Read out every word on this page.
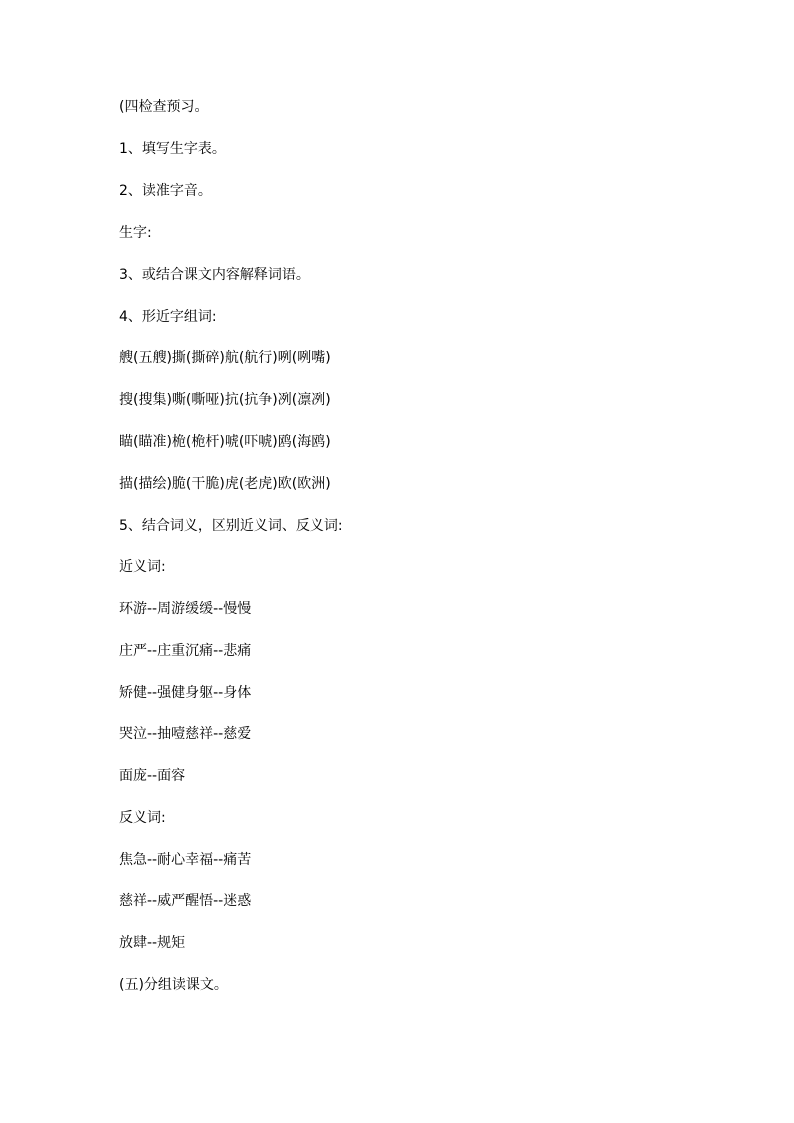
(四检查预习。
1、填写生字表。
2、读准字音。
生字:
3、或结合课文内容解释词语。
4、形近字组词:
艘(五艘)撕(撕碎)航(航行)咧(咧嘴)
搜(搜集)嘶(嘶哑)抗(抗争)冽(凛冽)
瞄(瞄准)桅(桅杆)唬(吓唬)鸥(海鸥)
描(描绘)脆(干脆)虎(老虎)欧(欧洲)
5、结合词义，区别近义词、反义词:
近义词:
环游--周游缓缓--慢慢
庄严--庄重沉痛--悲痛
矫健--强健身躯--身体
哭泣--抽噎慈祥--慈爱
面庞--面容
反义词:
焦急--耐心幸福--痛苦
慈祥--威严醒悟--迷惑
放肆--规矩
(五)分组读课文。
